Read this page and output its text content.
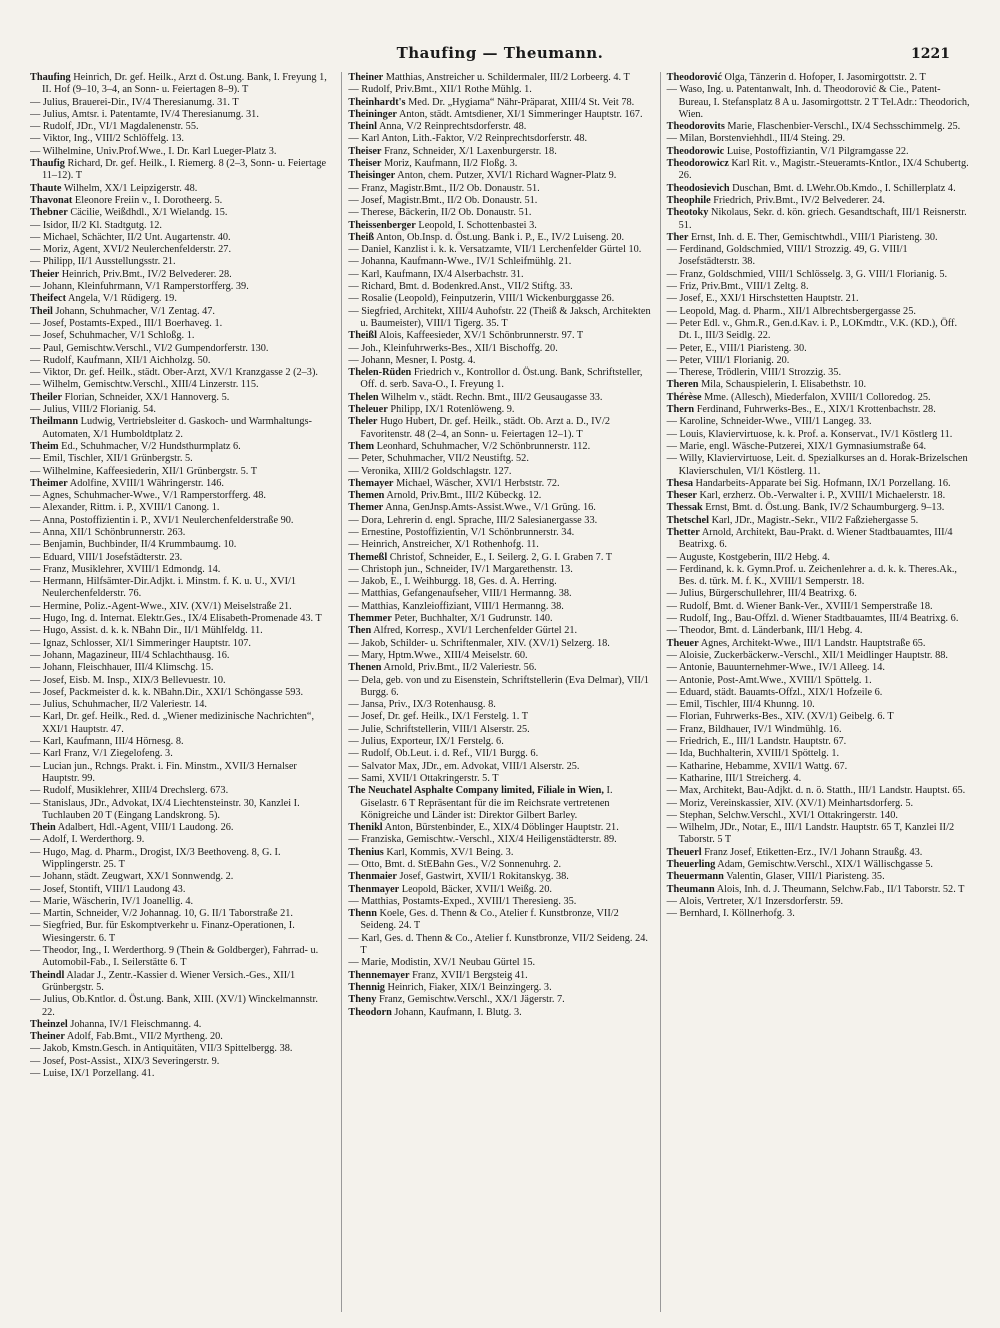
Thaufing — Theumann.	1221

Thaufing Heinrich, Dr. gef. Heilk., Arzt d. Öst.ung. Bank, I. Freyung 1, II. Hof (9–10, 3–4, an Sonn- u. Feiertagen 8–9). T

— Julius, Brauerei-Dir., IV/4 Theresianumg. 31. T

— Julius, Amtsr. i. Patentamte, IV/4 Theresianumg. 31.

— Rudolf, JDr., VI/1 Magdalenenstr. 55.

— Viktor, Ing., VIII/2 Schlöffelg. 13.

— Wilhelmine, Univ.Prof.Wwe., I. Dr. Karl Lueger-Platz 3.

Thaufig Richard, Dr. gef. Heilk., I. Riemerg. 8 (2–3, Sonn- u. Feiertage 11–12). T

Thaute Wilhelm, XX/1 Leipzigerstr. 48.

Thavonat Eleonore Freiin v., I. Dorotheerg. 5.

Thebner Cäcilie, Weißdhdl., X/1 Wielandg. 15.

— Isidor, II/2 Kl. Stadtgutg. 12.

— Michael, Schächter, II/2 Unt. Augartenstr. 40.

— Moriz, Agent, XVI/2 Neulerchenfelderstr. 27.

— Philipp, II/1 Ausstellungsstr. 21.

Theier Heinrich, Priv.Bmt., IV/2 Belvederег. 28.

— Johann, Kleinfuhrmann, V/1 Ramperstorfferg. 39.

Theifect Angela, V/1 Rüdigerg. 19.

Theil Johann, Schuhmacher, V/1 Zentag. 47.

— Josef, Postamts-Exped., III/1 Boerhaveg. 1.

— Josef, Schuhmacher, V/1 Schloßg. 1.

— Paul, Gemischtw.Verschl., VI/2 Gumpendorferstr. 130.

— Rudolf, Kaufmann, XII/1 Aichholzg. 50.

— Viktor, Dr. gef. Heilk., städt. Ober-Arzt, XV/1 Kranzgasse 2 (2–3).

— Wilhelm, Gemischtw.Verschl., XIII/4 Linzerstr. 115.

Theiler Florian, Schneider, XX/1 Hannoverg. 5.

— Julius, VIII/2 Florianig. 54.

Theilmann Ludwig, Vertriebsleiter d. Gaskoch- und Warmhaltungs-Automaten, X/1 Humboldtplatz 2.

Theim Ed., Schuhmacher, V/2 Hundsthurmplatz 6.

— Emil, Tischler, XII/1 Grünbergstr. 5.

— Wilhelmine, Kaffeesiederin, XII/1 Grünbergstr. 5. T

Theimer Adolfine, XVIII/1 Währingerstr. 146.

— Agnes, Schuhmacher-Wwe., V/1 Ramperstorfferg. 48.

— Alexander, Rittm. i. P., XVIII/1 Canong. 1.

— Anna, Postoffizientin i. P., XVI/1 Neulerchenfelderstraße 90.

— Anna, XII/1 Schönbrunnerstr. 263.

— Benjamin, Buchbinder, II/4 Krummbaumg. 10.

— Eduard, VIII/1 Josefstädterstr. 23.

— Franz, Musiklehrer, XVIII/1 Edmondg. 14.

— Hermann, Hilfsämter-Dir.Adjkt. i. Minstm. f. K. u. U., XVI/1 Neulerchenfelderstr. 76.

— Hermine, Poliz.-Agent-Wwe., XIV. (XV/1) Meiselstraße 21.

— Hugo, Ing. d. Internat. Elektr.Ges., IX/4 Elisabeth-Promenade 43. T

— Hugo, Assist. d. k. k. NBahn Dir., II/1 Mühlfeldg. 11.

— Ignaz, Schlosser, XI/1 Simmeringer Hauptstr. 107.

— Johann, Magazineur, III/4 Schlachthausg. 16.

— Johann, Fleischhauer, III/4 Klimschg. 15.

— Josef, Eisb. M. Insp., XIX/3 Bellevuestr. 10.

— Josef, Packmeister d. k. k. NBahn.Dir., XXI/1 Schöngasse 593.

— Julius, Schuhmacher, II/2 Valeriestr. 14.

— Karl, Dr. gef. Heilk., Red. d. „Wiener medizinische Nachrichten“, XXI/1 Hauptstr. 47.

— Karl, Kaufmann, III/4 Hörnesg. 8.

— Karl Franz, V/1 Ziegelofeng. 3.

— Lucian jun., Rchngs. Prakt. i. Fin. Minstm., XVII/3 Hernalser Hauptstr. 99.

— Rudolf, Musiklehrer, XIII/4 Drechslerg. 673.

— Stanislaus, JDr., Advokat, IX/4 Liechtensteinstr. 30, Kanzlei I. Tuchlauben 20 T (Eingang Landskrong. 5).

Thein Adalbert, Hdl.-Agent, VIII/1 Laudong. 26.

— Adolf, I. Werderthorg. 9.

— Hugo, Mag. d. Pharm., Drogist, IX/3 Beethoveng. 8, G. I. Wipplingerstr. 25. T

— Johann, städt. Zeugwart, XX/1 Sonnwendg. 2.

— Josef, Stontift, VIII/1 Laudong 43.

— Marie, Wäscherin, IV/1 Joanellig. 4.

— Martin, Schneider, V/2 Johannag. 10, G. II/1 Taborstraße 21.

— Siegfried, Bur. für Eskomptverkehr u. Finanz-Operationen, I. Wiesingerstr. 6. T

— Theodor, Ing., I. Werderthorg. 9 (Thein & Goldberger), Fahrrad- u. Automobil-Fab., I. Seilerstätte 6. T

Theindl Aladar J., Zentr.-Kassier d. Wiener Versich.-Ges., XII/1 Grünbergstr. 5.

— Julius, Ob.Kntlor. d. Öst.ung. Bank, XIII. (XV/1) Winckelmannstr. 22.

Theinzel Johanna, IV/1 Fleischmanng. 4.

Theiner Adolf, Fab.Bmt., VII/2 Myrtheng. 20.

— Jakob, Kmstn.Gesch. in Antiquitäten, VII/3 Spittelbergg. 38.

— Josef, Post-Assist., XIX/3 Severingerstr. 9.

— Luise, IX/1 Porzellang. 41.

Theiner Matthias, Anstreicher u. Schildermaler, III/2 Lorbeerg. 4. T

— Rudolf, Priv.Bmt., XII/1 Rothe Mühlg. 1.

Theinhardt's Med. Dr. „Hygiama“ Nähr-Präparat, XIII/4 St. Veit 78.

Theininger Anton, städt. Amtsdiener, XI/1 Simmeringer Hauptstr. 167.

Theinl Anna, V/2 Reinprechtsdorferstr. 48.

— Karl Anton, Lith.-Faktor, V/2 Reinprechtsdorferstr. 48.

Theiser Franz, Schneider, X/1 Laxenburgerstr. 18.

Theiser Moriz, Kaufmann, II/2 Floßg. 3.

Theisinger Anton, chem. Putzer, XVI/1 Richard Wagner-Platz 9.

— Franz, Magistr.Bmt., II/2 Ob. Donaustr. 51.

— Josef, Magistr.Bmt., II/2 Ob. Donaustr. 51.

— Therese, Bäckerin, II/2 Ob. Donaustr. 51.

Theissenberger Leopold, I. Schottenbastei 3.

Theiß Anton, Ob.Insp. d. Öst.ung. Bank i. P., E., IV/2 Luiseng. 20.

— Daniel, Kanzlist i. k. k. Versatzamte, VII/1 Lerchenfelder Gürtel 10.

— Johanna, Kaufmann-Wwe., IV/1 Schleifmühlg. 21.

— Karl, Kaufmann, IX/4 Alserbachstr. 31.

— Richard, Bmt. d. Bodenkred.Anst., VII/2 Stiftg. 33.

— Rosalie (Leopold), Feinputzerin, VIII/1 Wickenburggasse 26.

— Siegfried, Architekt, XIII/4 Auhofstr. 22 (Theiß & Jaksch, Architekten u. Baumeister), VIII/1 Tigerg. 35. T

Theißl Alois, Kaffeesieder, XV/1 Schönbrunnerstr. 97. T

— Joh., Kleinfuhrwerks-Bes., XII/1 Bischoffg. 20.

— Johann, Mesner, I. Postg. 4.

Thelen-Rüden Friedrich v., Kontrollor d. Öst.ung. Bank, Schriftsteller, Off. d. serb. Sava-O., I. Freyung 1.

Thelen Wilhelm v., städt. Rechn. Bmt., III/2 Geusaugasse 33.

Theleuer Philipp, IX/1 Rotenlöweng. 9.

Theler Hugo Hubert, Dr. gef. Heilk., städt. Ob. Arzt a. D., IV/2 Favoritenstr. 48 (2–4, an Sonn- u. Feiertagen 12–1). T

Them Leonhard, Schuhmacher, V/2 Schönbrunnerstr. 112.

— Peter, Schuhmacher, VII/2 Neustiftg. 52.

— Veronika, XIII/2 Goldschlagstr. 127.

Themayer Michael, Wäscher, XVI/1 Herbststr. 72.

Themen Arnold, Priv.Bmt., III/2 Kübeckg. 12.

Themer Anna, GenJnsp.Amts-Assist.Wwe., V/1 Grüng. 16.

— Dora, Lehrerin d. engl. Sprache, III/2 Salesianergasse 33.

— Ernestine, Postoffizientin, V/1 Schönbrunnerstr. 34.

— Heinrich, Anstreicher, X/1 Rothenhofg. 11.

Themeßl Christof, Schneider, E., I. Seilerg. 2, G. I. Graben 7. T

— Christoph jun., Schneider, IV/1 Margarethenstr. 13.

— Jakob, E., I. Weihburgg. 18, Ges. d. A. Herring.

— Matthias, Gefangenaufseher, VIII/1 Hermanng. 38.

— Matthias, Kanzleioffiziant, VIII/1 Hermanng. 38.

Themmer Peter, Buchhalter, X/1 Gudrunstr. 140.

Then Alfred, Korresp., XVI/1 Lerchenfelder Gürtel 21.

— Jakob, Schilder- u. Schriftenmaler, XIV. (XV/1) Selzerg. 18.

— Mary, Hptm.Wwe., XIII/4 Meiselstr. 60.

Thenen Arnold, Priv.Bmt., II/2 Valeriestr. 56.

— Dela, geb. von und zu Eisenstein, Schriftstellerin (Eva Delmar), VII/1 Burgg. 6.

— Jansa, Priv., IX/3 Rotenhausg. 8.

— Josef, Dr. gef. Heilk., IX/1 Ferstelg. 1. T

— Julie, Schriftstellerin, VIII/1 Alserstr. 25.

— Julius, Exporteur, IX/1 Ferstelg. 6.

— Rudolf, Ob.Leut. i. d. Ref., VII/1 Burgg. 6.

— Salvator Max, JDr., em. Advokat, VIII/1 Alserstr. 25.

— Sami, XVII/1 Ottakringerstr. 5. T

The Neuchatel Asphalte Company limited, Filiale in Wien, I. Giselastr. 6 T Repräsentant für die im Reichsrate vertretenen Königreiche und Länder ist: Direktor Gilbert Barley.

Thenikl Anton, Bürstenbinder, E., XIX/4 Döblinger Hauptstr. 21.

— Franziska, Gemischtw.-Verschl., XIX/4 Heiligenstädterstr. 89.

Thenius Karl, Kommis, XV/1 Being. 3.

— Otto, Bmt. d. StEBahn Ges., V/2 Sonnenuhrg. 2.

Thenmaier Josef, Gastwirt, XVII/1 Rokitanskyg. 38.

Thenmayer Leopold, Bäcker, XVII/1 Weißg. 20.

— Matthias, Postamts-Exped., XVIII/1 Theresieng. 35.

Thenn Koele, Ges. d. Thenn & Co., Atelier f. Kunstbronze, VII/2 Seideng. 24. T

— Karl, Ges. d. Thenn & Co., Atelier f. Kunstbronze, VII/2 Seideng. 24. T

— Marie, Modistin, XV/1 Neubau Gürtel 15.

Thennemayer Franz, XVII/1 Bergsteig 41.

Thennig Heinrich, Fiaker, XIX/1 Beinzingerg. 3.

Theny Franz, Gemischtw.Verschl., XX/1 Jägerstr. 7.

Theodorn Johann, Kaufmann, I. Blutg. 3.

Theodorović Olga, Tänzerin d. Hofoper, I. Jasomirgottstr. 2. T

— Waso, Ing. u. Patentanwalt, Inh. d. Theodorović & Cie., Patent-Bureau, I. Stefansplatz 8 A u. Jasomirgottstr. 2 T Tel.Adr.: Theodorich, Wien.

Theodorovits Marie, Flaschenbier-Verschl., IX/4 Sechsschimmelg. 25.

— Milan, Borstenviehhdl., III/4 Steing. 29.

Theodorowic Luise, Postoffiziantin, V/1 Pilgramgasse 22.

Theodorowicz Karl Rit. v., Magistr.-Steueramts-Kntlor., IX/4 Schubertg. 26.

Theodosievich Duschan, Bmt. d. LWehr.Ob.Kmdo., I. Schillerplatz 4.

Theophile Friedrich, Priv.Bmt., IV/2 Belvederег. 24.

Theotoky Nikolaus, Sekr. d. kön. griech. Gesandtschaft, III/1 Reisnerstr. 51.

Ther Ernst, Inh. d. E. Ther, Gemischtwhdl., VIII/1 Piaristeng. 30.

— Ferdinand, Goldschmied, VIII/1 Strozzig. 49, G. VIII/1 Josefstädterstr. 38.

— Franz, Goldschmied, VIII/1 Schlösselg. 3, G. VIII/1 Florianig. 5.

— Friz, Priv.Bmt., VIII/1 Zeltg. 8.

— Josef, E., XXI/1 Hirschstetten Hauptstr. 21.

— Leopold, Mag. d. Pharm., XII/1 Albrechtsbergergasse 25.

— Peter Edl. v., Ghm.R., Gen.d.Kav. i. P., LOKmdtr., V.K. (KD.), Öff. Dt. I., III/3 Seidlg. 22.

— Peter, E., VIII/1 Piaristeng. 30.

— Peter, VIII/1 Florianig. 20.

— Therese, Trödlerin, VIII/1 Strozzig. 35.

Theren Mila, Schauspielerin, I. Elisabethstr. 10.

Thérèse Mme. (Allesch), Miederfalon, XVIII/1 Colloredog. 25.

Thern Ferdinand, Fuhrwerks-Bes., E., XIX/1 Krottenbachstr. 28.

— Karoline, Schneider-Wwe., VIII/1 Langeg. 33.

— Louis, Klaviervirtuose, k. k. Prof. a. Konservat., IV/1 Köstlerg 11.

— Marie, engl. Wäsche-Putzerei, XIX/1 Gymnasiumstraße 64.

— Willy, Klaviervirtuose, Leit. d. Spezialkurses an d. Horak-Brizelschen Klavierschulen, VI/1 Köstlerg. 11.

Thesa Handarbeits-Apparate bei Sig. Hofmann, IX/1 Porzellang. 16.

Theser Karl, erzherz. Ob.-Verwalter i. P., XVIII/1 Michaelerstr. 18.

Thessak Ernst, Bmt. d. Öst.ung. Bank, IV/2 Schaumburgerg. 9–13.

Thetschel Karl, JDr., Magistr.-Sekr., VII/2 Faßziehergasse 5.

Thetter Arnold, Architekt, Bau-Prakt. d. Wiener Stadtbauamtes, III/4 Beatrixg. 6.

— Auguste, Kostgeberin, III/2 Hebg. 4.

— Ferdinand, k. k. Gymn.Prof. u. Zeichenlehrer a. d. k. k. Theres.Ak., Bes. d. türk. M. f. K., XVIII/1 Semperstr. 18.

— Julius, Bürgerschullehrer, III/4 Beatrixg. 6.

— Rudolf, Bmt. d. Wiener Bank-Ver., XVIII/1 Semperstraße 18.

— Rudolf, Ing., Bau-Offzl. d. Wiener Stadtbauamtes, III/4 Beatrixg. 6.

— Theodor, Bmt. d. Länderbank, III/1 Hebg. 4.

Theuer Agnes, Architekt-Wwe., III/1 Landstr. Hauptstraße 65.

— Aloisie, Zuckerbäckerw.-Verschl., XII/1 Meidlinger Hauptstr. 88.

— Antonie, Bauunternehmer-Wwe., IV/1 Alleeg. 14.

— Antonie, Post-Amt.Wwe., XVIII/1 Spöttelg. 1.

— Eduard, städt. Bauamts-Offzl., XIX/1 Hofzeile 6.

— Emil, Tischler, III/4 Khunng. 10.

— Florian, Fuhrwerks-Bes., XIV. (XV/1) Geibelg. 6. T

— Franz, Bildhauer, IV/1 Windmühlg. 16.

— Friedrich, E., III/1 Landstr. Hauptstr. 67.

— Ida, Buchhalterin, XVIII/1 Spöttelg. 1.

— Katharine, Hebamme, XVII/1 Wattg. 67.

— Katharine, III/1 Streicherg. 4.

— Max, Architekt, Bau-Adjkt. d. n. ö. Statth., III/1 Landstr. Hauptst. 65.

— Moriz, Vereinskassier, XIV. (XV/1) Meinhartsdorferg. 5.

— Stephan, Selchw.Verschl., XVI/1 Ottakringerstr. 140.

— Wilhelm, JDr., Notar, E., III/1 Landstr. Hauptstr. 65 T, Kanzlei II/2 Taborstr. 5 T

Theuerl Franz Josef, Etiketten-Erz., IV/1 Johann Straußg. 43.

Theuerling Adam, Gemischtw.Verschl., XIX/1 Wällischgasse 5.

Theuermann Valentin, Glaser, VIII/1 Piaristeng. 35.

Theumann Alois, Inh. d. J. Theumann, Selchw.Fab., II/1 Taborstr. 52. T

— Alois, Vertreter, X/1 Inzersdorferstr. 59.

— Bernhard, I. Köllnerhofg. 3.
